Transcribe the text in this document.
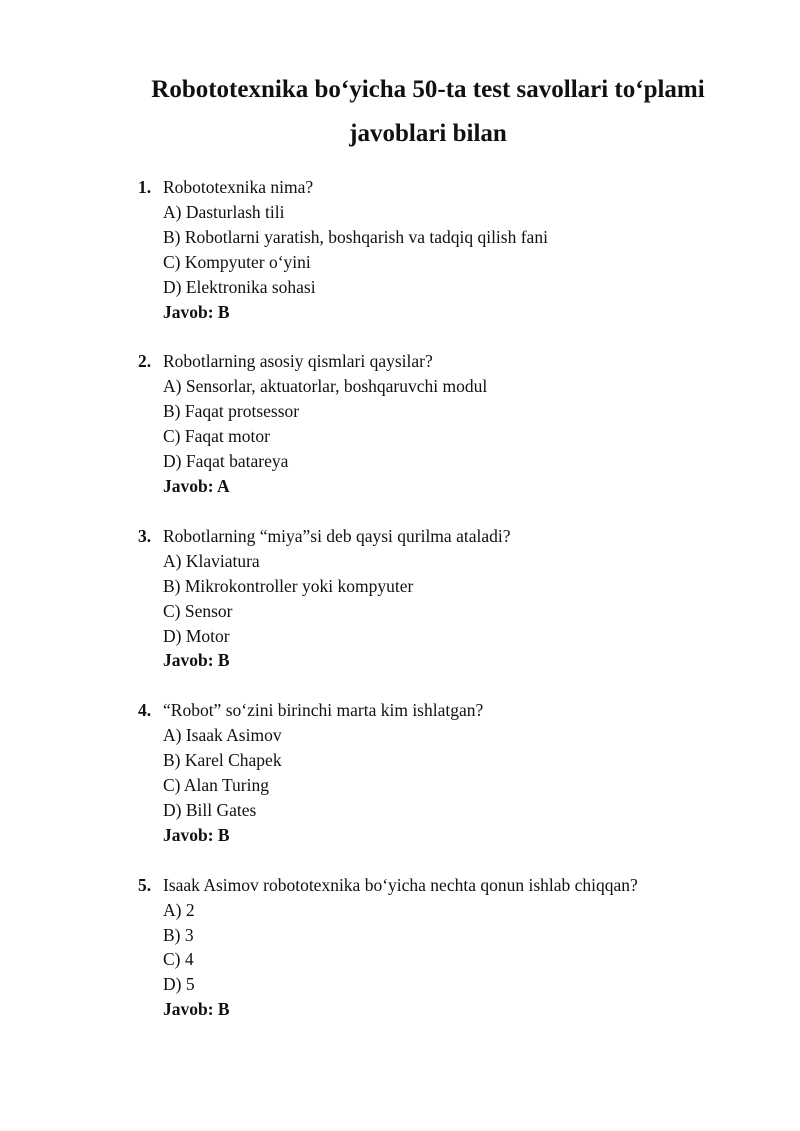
Robototexnika bo‘yicha 50-ta test savollari to‘plami
javoblari bilan
1. Robototexnika nima?
A) Dasturlash tili
B) Robotlarni yaratish, boshqarish va tadqiq qilish fani
C) Kompyuter o‘yini
D) Elektronika sohasi
Javob: B
2. Robotlarning asosiy qismlari qaysilar?
A) Sensorlar, aktuatorlar, boshqaruvchi modul
B) Faqat protsessor
C) Faqat motor
D) Faqat batareya
Javob: A
3. Robotlarning “miya”si deb qaysi qurilma ataladi?
A) Klaviatura
B) Mikrokontroller yoki kompyuter
C) Sensor
D) Motor
Javob: B
4. “Robot” so‘zini birinchi marta kim ishlatgan?
A) Isaak Asimov
B) Karel Chapek
C) Alan Turing
D) Bill Gates
Javob: B
5. Isaak Asimov robototexnika bo‘yicha nechta qonun ishlab chiqqan?
A) 2
B) 3
C) 4
D) 5
Javob: B
